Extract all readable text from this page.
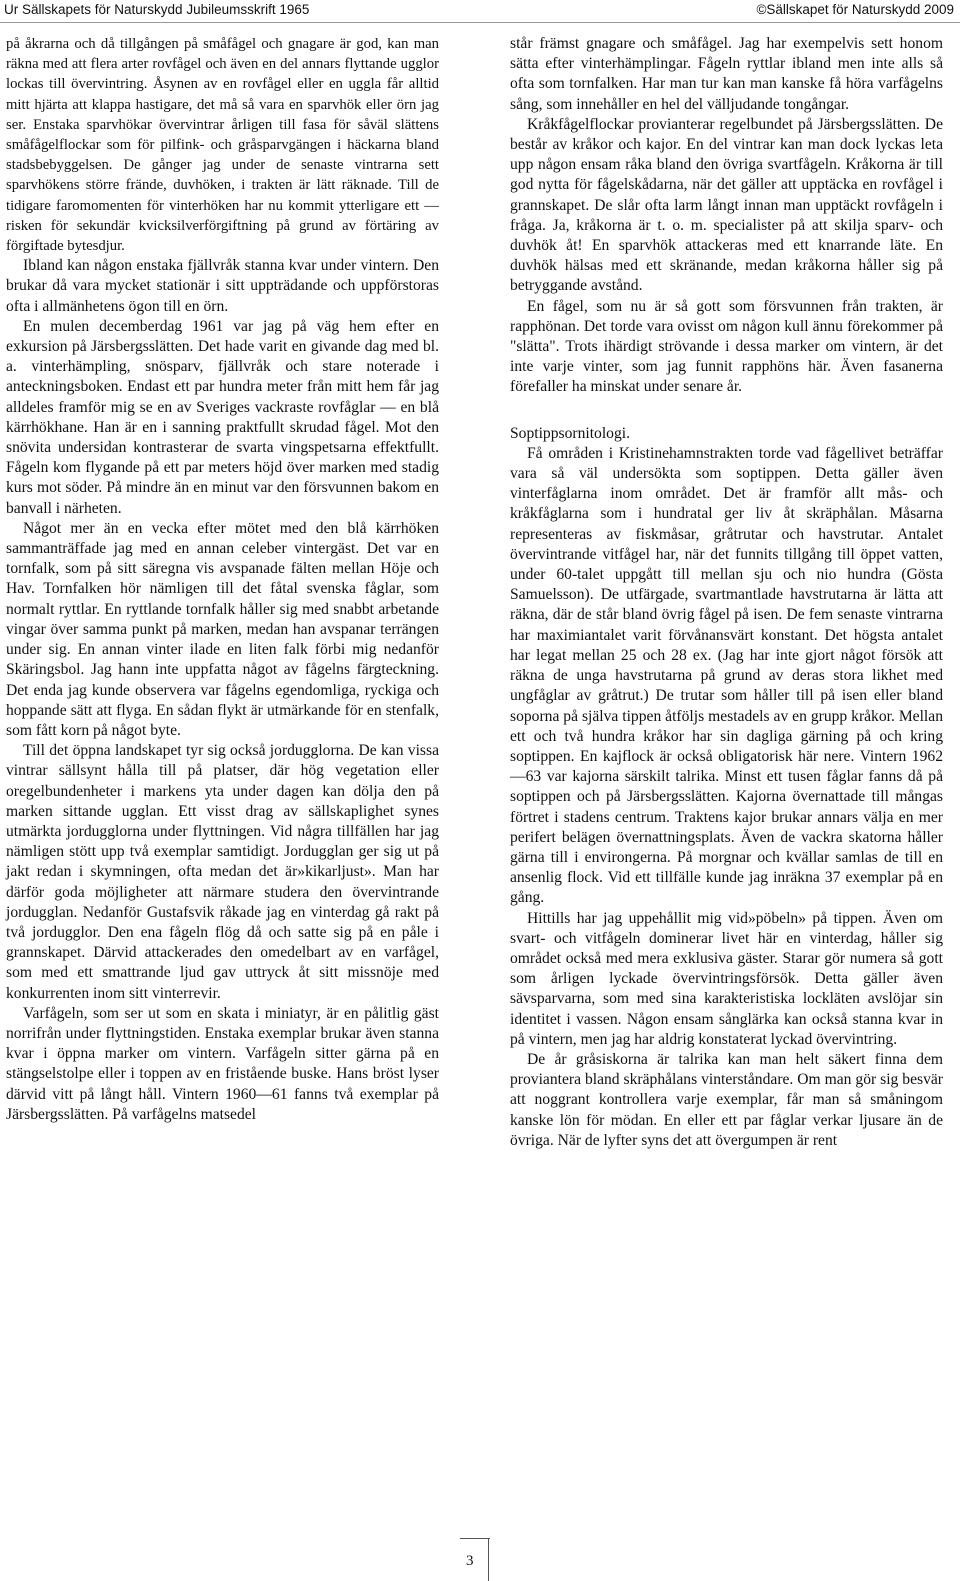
Ur Sällskapets för Naturskydd Jubileumsskrift 1965	©Sällskapet för Naturskydd 2009

på åkrarna och då tillgången på småfågel och gnagare är god, kan man räkna med att flera arter rovfågel och även en del annars flyttande ugglor lockas till övervintring. Åsynen av en rovfågel eller en uggla får alltid mitt hjärta att klappa hastigare, det må så vara en sparvhök eller örn jag ser. Enstaka sparvhökar övervintrar årligen till fasa för såväl slättens småfågelflockar som för pilfink- och gråsparvgängen i häckarna bland stadsbebyggelsen. De gånger jag under de senaste vintrarna sett sparvhökens större frände, duvhöken, i trakten är lätt räknade. Till de tidigare faromomenten för vinterhöken har nu kommit ytterligare ett — risken för sekundär kvicksilverförgiftning på grund av förtäring av förgiftade bytesdjur.

Ibland kan någon enstaka fjällvråk stanna kvar under vintern. Den brukar då vara mycket stationär i sitt uppträdande och uppförstoras ofta i allmänhetens ögon till en örn.

En mulen decemberdag 1961 var jag på väg hem efter en exkursion på Järsbergsslätten. Det hade varit en givande dag med bl. a. vinterhämpling, snösparv, fjällvråk och stare noterade i anteckningsboken. Endast ett par hundra meter från mitt hem får jag alldeles framför mig se en av Sveriges vackraste rovfåglar — en blå kärrhökhane. Han är en i sanning praktfullt skrudad fågel. Mot den snövita undersidan kontrasterar de svarta vingspetsarna effektfullt. Fågeln kom flygande på ett par meters höjd över marken med stadig kurs mot söder. På mindre än en minut var den försvunnen bakom en banvall i närheten.

Något mer än en vecka efter mötet med den blå kärrhöken sammanträffade jag med en annan celeber vintergäst. Det var en tornfalk, som på sitt säregna vis avspanade fälten mellan Höje och Hav. Tornfalken hör nämligen till det fåtal svenska fåglar, som normalt ryttlar. En ryttlande tornfalk håller sig med snabbt arbetande vingar över samma punkt på marken, medan han avspanar terrängen under sig. En annan vinter ilade en liten falk förbi mig nedanför Skäringsbol. Jag hann inte uppfatta något av fågelns färgteckning. Det enda jag kunde observera var fågelns egendomliga, ryckiga och hoppande sätt att flyga. En sådan flykt är utmärkande för en stenfalk, som fått korn på något byte.

Till det öppna landskapet tyr sig också jordugglorna. De kan vissa vintrar sällsynt hålla till på platser, där hög vegetation eller oregelbundenheter i markens yta under dagen kan dölja den på marken sittande ugglan. Ett visst drag av sällskaplighet synes utmärkta jordugglorna under flyttningen. Vid några tillfällen har jag nämligen stött upp två exemplar samtidigt. Jordugglan ger sig ut på jakt redan i skymningen, ofta medan det är»kikarljust». Man har därför goda möjligheter att närmare studera den övervintrande jordugglan. Nedanför Gustafsvik råkade jag en vinterdag gå rakt på två jordugglor. Den ena fågeln flög då och satte sig på en påle i grannskapet. Därvid attackerades den omedelbart av en varfågel, som med ett smattrande ljud gav uttryck åt sitt missnöje med konkurrenten inom sitt vinterrevir.

Varfågeln, som ser ut som en skata i miniatyr, är en pålitlig gäst norrifrån under flyttningstiden. Enstaka exemplar brukar även stanna kvar i öppna marker om vintern. Varfågeln sitter gärna på en stängselstolpe eller i toppen av en fristående buske. Hans bröst lyser därvid vitt på långt håll. Vintern 1960—61 fanns två exemplar på Järsbergsslätten. På varfågelns matsedel

står främst gnagare och småfågel. Jag har exempelvis sett honom sätta efter vinterhämplingar. Fågeln ryttlar ibland men inte alls så ofta som tornfalken. Har man tur kan man kanske få höra varfågelns sång, som innehåller en hel del välljudande tongångar.

Kråkfågelflockar provianterar regelbundet på Järsbergsslätten. De består av kråkor och kajor. En del vintrar kan man dock lyckas leta upp någon ensam råka bland den övriga svartfågeln. Kråkorna är till god nytta för fågelskådarna, när det gäller att upptäcka en rovfågel i grannskapet. De slår ofta larm långt innan man upptäckt rovfågeln i fråga. Ja, kråkorna är t. o. m. specialister på att skilja sparv- och duvhök åt! En sparvhök attackeras med ett knarrande läte. En duvhök hälsas med ett skränande, medan kråkorna håller sig på betryggande avstånd.

En fågel, som nu är så gott som försvunnen från trakten, är rapphönan. Det torde vara ovisst om någon kull ännu förekommer på "slätta". Trots ihärdigt strövande i dessa marker om vintern, är det inte varje vinter, som jag funnit rapphöns här. Även fasanerna förefaller ha minskat under senare år.

Soptippsornitologi.

Få områden i Kristinehamnstrakten torde vad fågellivet beträffar vara så väl undersökta som soptippen. Detta gäller även vinterfåglarna inom området. Det är framför allt mås- och kråkfåglarna som i hundratal ger liv åt skräphålan. Måsarna representeras av fiskmåsar, gråtrutar och havstrutar. Antalet övervintrande vitfågel har, när det funnits tillgång till öppet vatten, under 60-talet uppgått till mellan sju och nio hundra (Gösta Samuelsson). De utfärgade, svartmantlade havstrutarna är lätta att räkna, där de står bland övrig fågel på isen. De fem senaste vintrarna har maximiantalet varit förvånansvärt konstant. Det högsta antalet har legat mellan 25 och 28 ex. (Jag har inte gjort något försök att räkna de unga havstrutarna på grund av deras stora likhet med ungfåglar av gråtrut.) De trutar som håller till på isen eller bland soporna på själva tippen åtföljs mestadels av en grupp kråkor. Mellan ett och två hundra kråkor har sin dagliga gärning på och kring soptippen. En kajflock är också obligatorisk här nere. Vintern 1962—63 var kajorna särskilt talrika. Minst ett tusen fåglar fanns då på soptippen och på Järsbergsslätten. Kajorna övernattade till mångas förtret i stadens centrum. Traktens kajor brukar annars välja en mer perifert belägen övernattningsplats. Även de vackra skatorna håller gärna till i environgerna. På morgnar och kvällar samlas de till en ansenlig flock. Vid ett tillfälle kunde jag inräkna 37 exemplar på en gång.

Hittills har jag uppehållit mig vid»pöbeln» på tippen. Även om svart- och vitfågeln dominerar livet här en vinterdag, håller sig området också med mera exklusiva gäster. Starar gör numera så gott som årligen lyckade övervintringsförsök. Detta gäller även sävsparvarna, som med sina karakteristiska lockläten avslöjar sin identitet i vassen. Någon ensam sånglärka kan också stanna kvar in på vintern, men jag har aldrig konstaterat lyckad övervintring.

De år gråsiskorna är talrika kan man helt säkert finna dem proviantera bland skräphålans vinterståndare. Om man gör sig besvär att noggrant kontrollera varje exemplar, får man så småningom kanske lön för mödan. En eller ett par fåglar verkar ljusare än de övriga. När de lyfter syns det att övergumpen är rent

3
